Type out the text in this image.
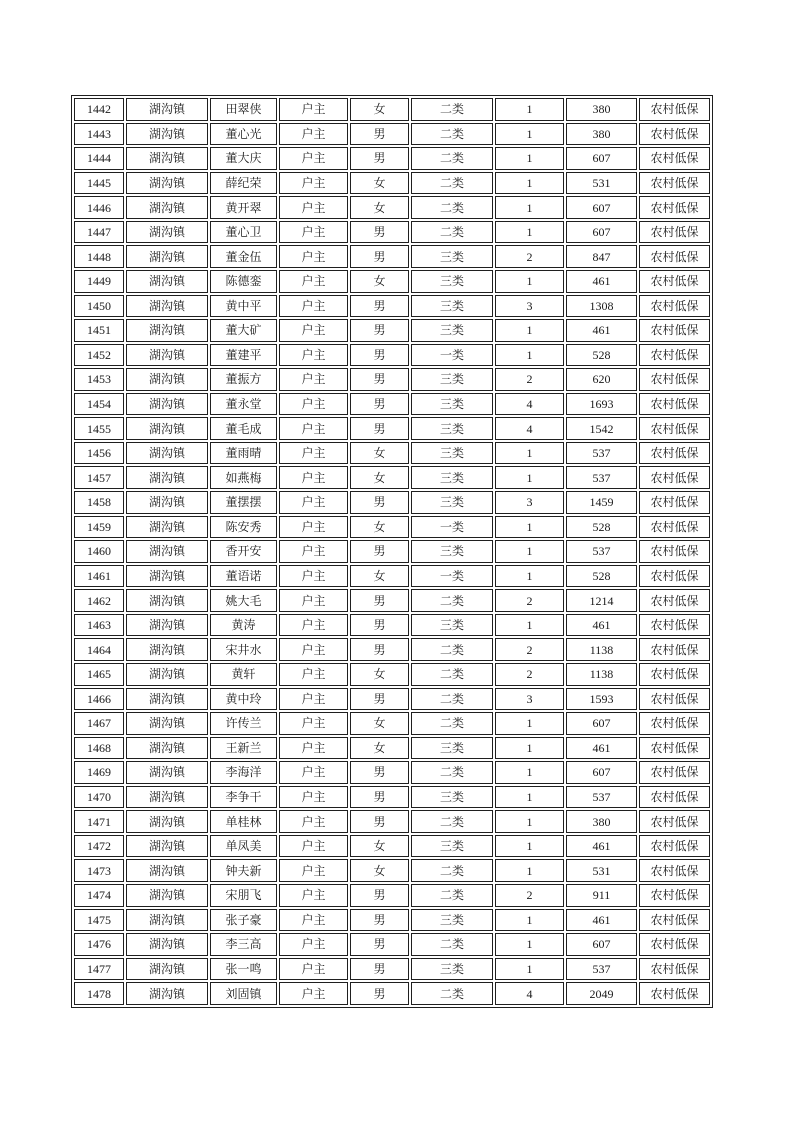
1442	湖沟镇	田翠侠	户主	女	二类	1	380	农村低保
1443	湖沟镇	董心光	户主	男	二类	1	380	农村低保
1444	湖沟镇	董大庆	户主	男	二类	1	607	农村低保
1445	湖沟镇	薛纪荣	户主	女	二类	1	531	农村低保
1446	湖沟镇	黄开翠	户主	女	二类	1	607	农村低保
1447	湖沟镇	董心卫	户主	男	二类	1	607	农村低保
1448	湖沟镇	董金伍	户主	男	三类	2	847	农村低保
1449	湖沟镇	陈德銮	户主	女	三类	1	461	农村低保
1450	湖沟镇	黄中平	户主	男	三类	3	1308	农村低保
1451	湖沟镇	董大矿	户主	男	三类	1	461	农村低保
1452	湖沟镇	董建平	户主	男	一类	1	528	农村低保
1453	湖沟镇	董振方	户主	男	三类	2	620	农村低保
1454	湖沟镇	董永堂	户主	男	三类	4	1693	农村低保
1455	湖沟镇	董毛成	户主	男	三类	4	1542	农村低保
1456	湖沟镇	董雨晴	户主	女	三类	1	537	农村低保
1457	湖沟镇	如燕梅	户主	女	三类	1	537	农村低保
1458	湖沟镇	董摆摆	户主	男	三类	3	1459	农村低保
1459	湖沟镇	陈安秀	户主	女	一类	1	528	农村低保
1460	湖沟镇	香开安	户主	男	三类	1	537	农村低保
1461	湖沟镇	董语诺	户主	女	一类	1	528	农村低保
1462	湖沟镇	姚大毛	户主	男	二类	2	1214	农村低保
1463	湖沟镇	黄涛	户主	男	三类	1	461	农村低保
1464	湖沟镇	宋井水	户主	男	二类	2	1138	农村低保
1465	湖沟镇	黄轩	户主	女	二类	2	1138	农村低保
1466	湖沟镇	黄中玲	户主	男	二类	3	1593	农村低保
1467	湖沟镇	许传兰	户主	女	二类	1	607	农村低保
1468	湖沟镇	王新兰	户主	女	三类	1	461	农村低保
1469	湖沟镇	李海洋	户主	男	二类	1	607	农村低保
1470	湖沟镇	李争干	户主	男	三类	1	537	农村低保
1471	湖沟镇	单桂林	户主	男	二类	1	380	农村低保
1472	湖沟镇	单凤美	户主	女	三类	1	461	农村低保
1473	湖沟镇	钟夫新	户主	女	二类	1	531	农村低保
1474	湖沟镇	宋朋飞	户主	男	二类	2	911	农村低保
1475	湖沟镇	张子豪	户主	男	三类	1	461	农村低保
1476	湖沟镇	李三高	户主	男	二类	1	607	农村低保
1477	湖沟镇	张一鸣	户主	男	三类	1	537	农村低保
1478	湖沟镇	刘固镇	户主	男	二类	4	2049	农村低保
